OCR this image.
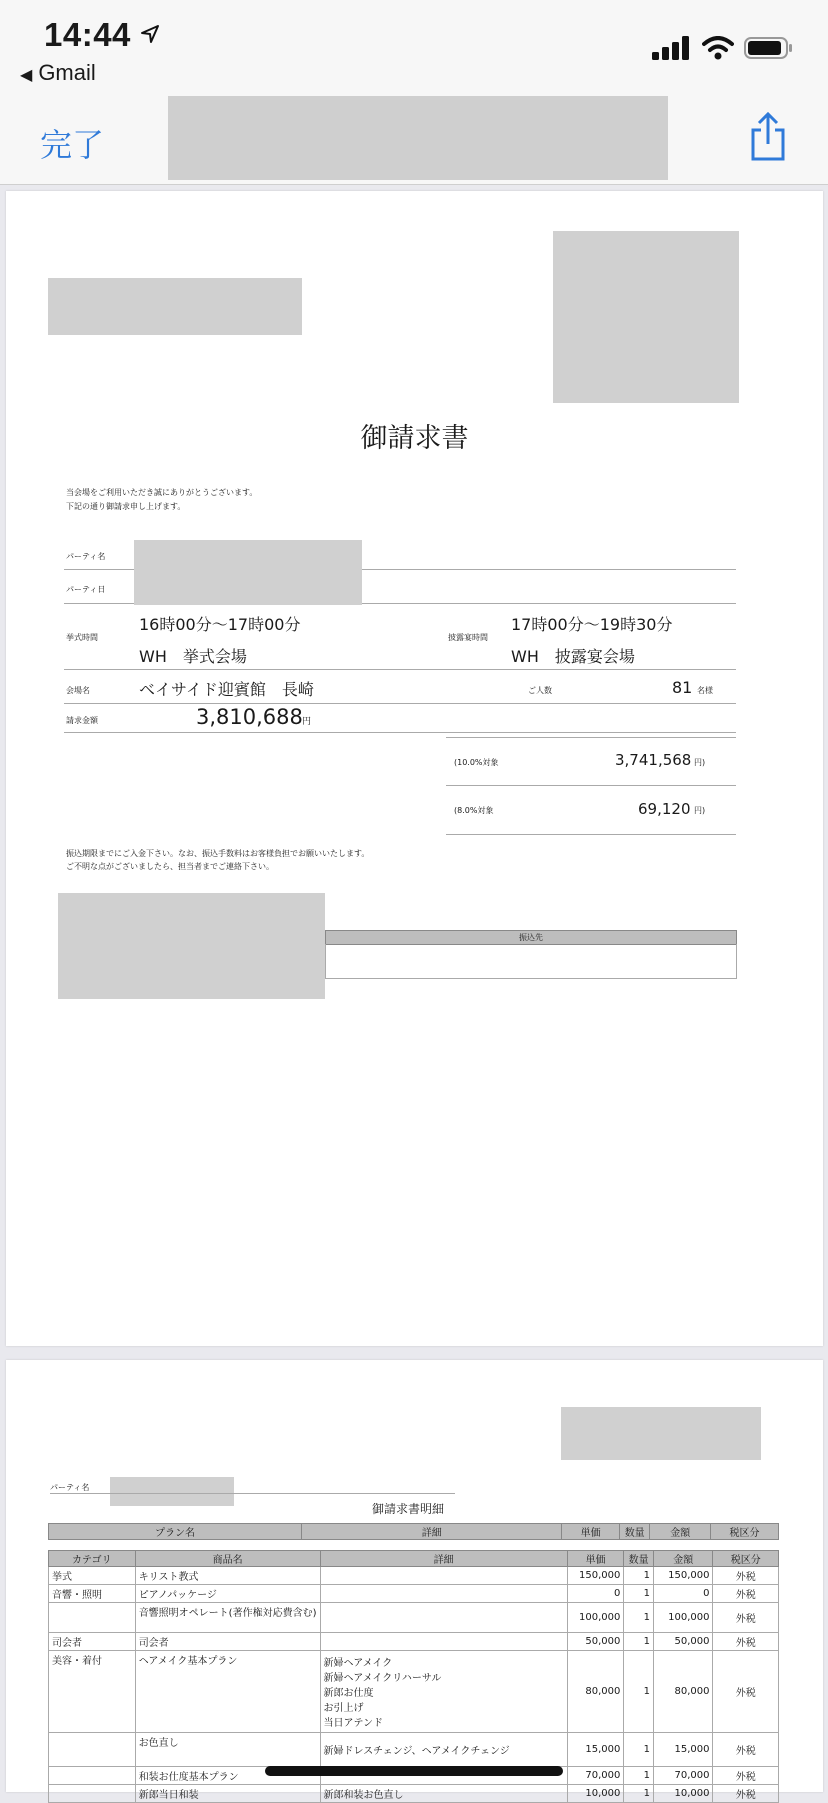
14:44
◀ Gmail
完了
御請求書
当会場をご利用いただき誠にありがとうございます。
下記の通り御請求申し上げます。
パーティ名
パーティ日
16時00分〜17時00分
挙式時間
WH　挙式会場
17時00分〜19時30分
披露宴時間
WH　披露宴会場
会場名	ベイサイド迎賓館　長崎	ご人数	81 名様
請求金額	3,810,688 円
(10.0%対象	3,741,568 円)
(8.0%対象	69,120 円)
振込期限までにご入金下さい。なお、振込手数料はお客様負担でお願いいたします。
ご不明な点がございましたら、担当者までご連絡下さい。
振込先
パーティ名
御請求書明細
プラン名	詳細	単価	数量	金額	税区分
カテゴリ	商品名	詳細	単価	数量	金額	税区分
挙式	キリスト教式		150,000	1	150,000	外税
音響・照明	ピアノパッケージ		0	1	0	外税
	音響照明オペレート(著作権対応費含む)		100,000	1	100,000	外税
司会者	司会者		50,000	1	50,000	外税
美容・着付	ヘアメイク基本プラン	新婦ヘアメイク
新婦ヘアメイクリハーサル
新郎お仕度
お引上げ
当日アテンド	80,000	1	80,000	外税
	お色直し	新婦ドレスチェンジ、ヘアメイクチェンジ	15,000	1	15,000	外税
	和装お仕度基本プラン		70,000	1	70,000	外税
	新郎当日和装	新郎和装お色直し	10,000	1	10,000	外税
